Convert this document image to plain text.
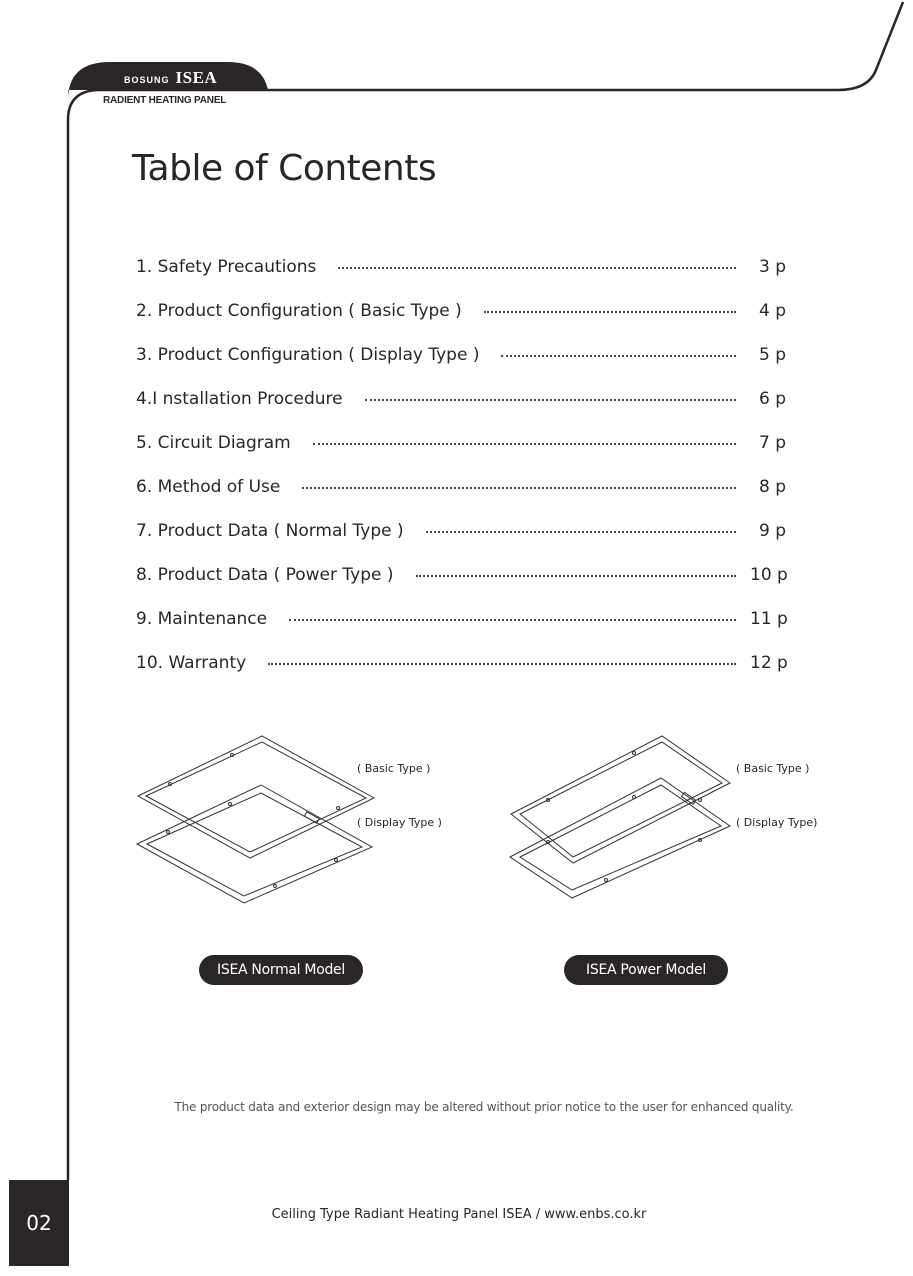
BOSUNG ISEA
RADIENT HEATING PANEL
Table of Contents
1. Safety Precautions	3 p
2. Product Configuration ( Basic Type )	4 p
3. Product Configuration ( Display Type )	5 p
4.I nstallation Procedure	6 p
5. Circuit Diagram	7 p
6. Method of Use	8 p
7. Product Data ( Normal Type )	9 p
8. Product Data ( Power Type )	10 p
9. Maintenance	11 p
10. Warranty	12 p
( Basic Type )
( Display Type )
( Basic Type )
( Display Type)
ISEA Normal Model	ISEA Power Model
The product data and exterior design may be altered without prior notice to the user for enhanced quality.
Ceiling Type Radiant Heating Panel ISEA / www.enbs.co.kr
02
